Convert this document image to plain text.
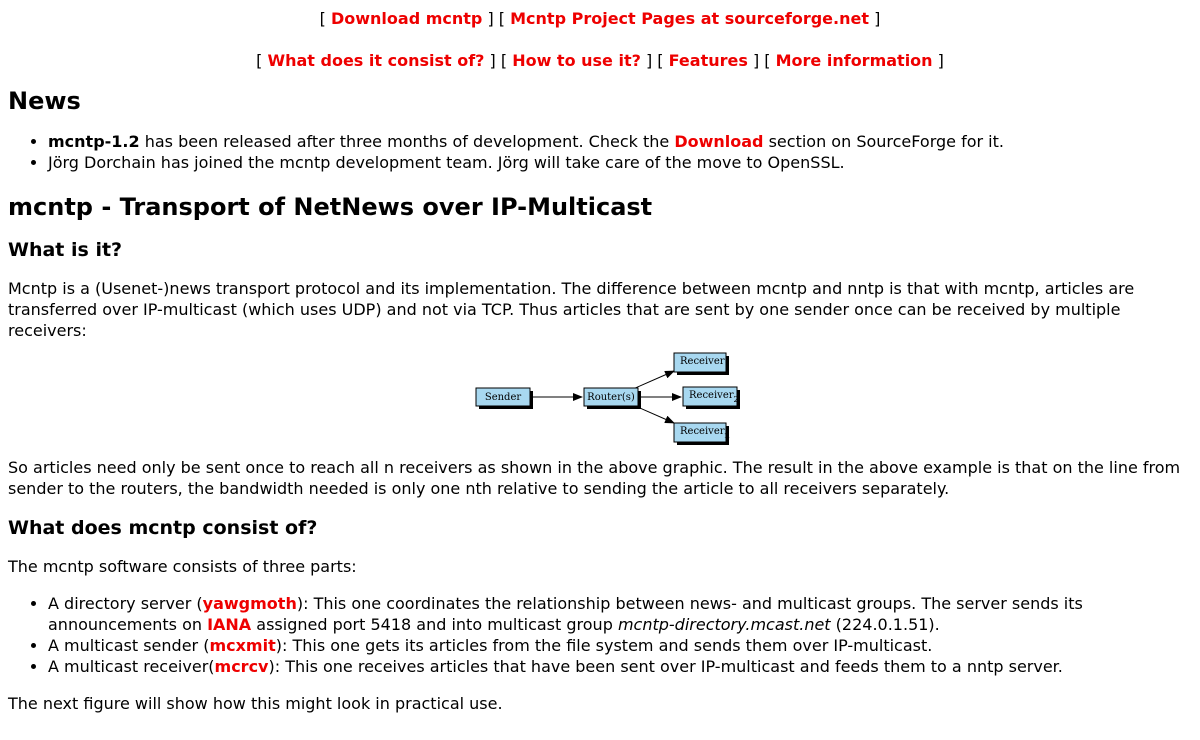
[ Download mcntp ] [ Mcntp Project Pages at sourceforge.net ]
[ What does it consist of? ] [ How to use it? ] [ Features ] [ More information ]
News
• mcntp-1.2 has been released after three months of development. Check the Download section on SourceForge for it.
• Jörg Dorchain has joined the mcntp development team. Jörg will take care of the move to OpenSSL.
mcntp - Transport of NetNews over IP-Multicast
What is it?

Mcntp is a (Usenet-)news transport protocol and its implementation. The difference between mcntp and nntp is that with mcntp, articles are transferred over IP-multicast (which uses UDP) and not via TCP. Thus articles that are sent by one sender once can be received by multiple receivers:

Sender	Router(s)
Receiver$_1$
Receiver$_2$
Receiver$_n$

So articles need only be sent once to reach all n receivers as shown in the above graphic. The result in the above example is that on the line from sender to the routers, the bandwidth needed is only one nth relative to sending the article to all receivers separately.

What does mcntp consist of?

The mcntp software consists of three parts:

• A directory server (yawgmoth): This one coordinates the relationship between news- and multicast groups. The server sends its announcements on IANA assigned port 5418 and into multicast group mcntp-directory.mcast.net (224.0.1.51).
• A multicast sender (mcxmit): This one gets its articles from the file system and sends them over IP-multicast.
• A multicast receiver(mcrcv): This one receives articles that have been sent over IP-multicast and feeds them to a nntp server.

The next figure will show how this might look in practical use.
